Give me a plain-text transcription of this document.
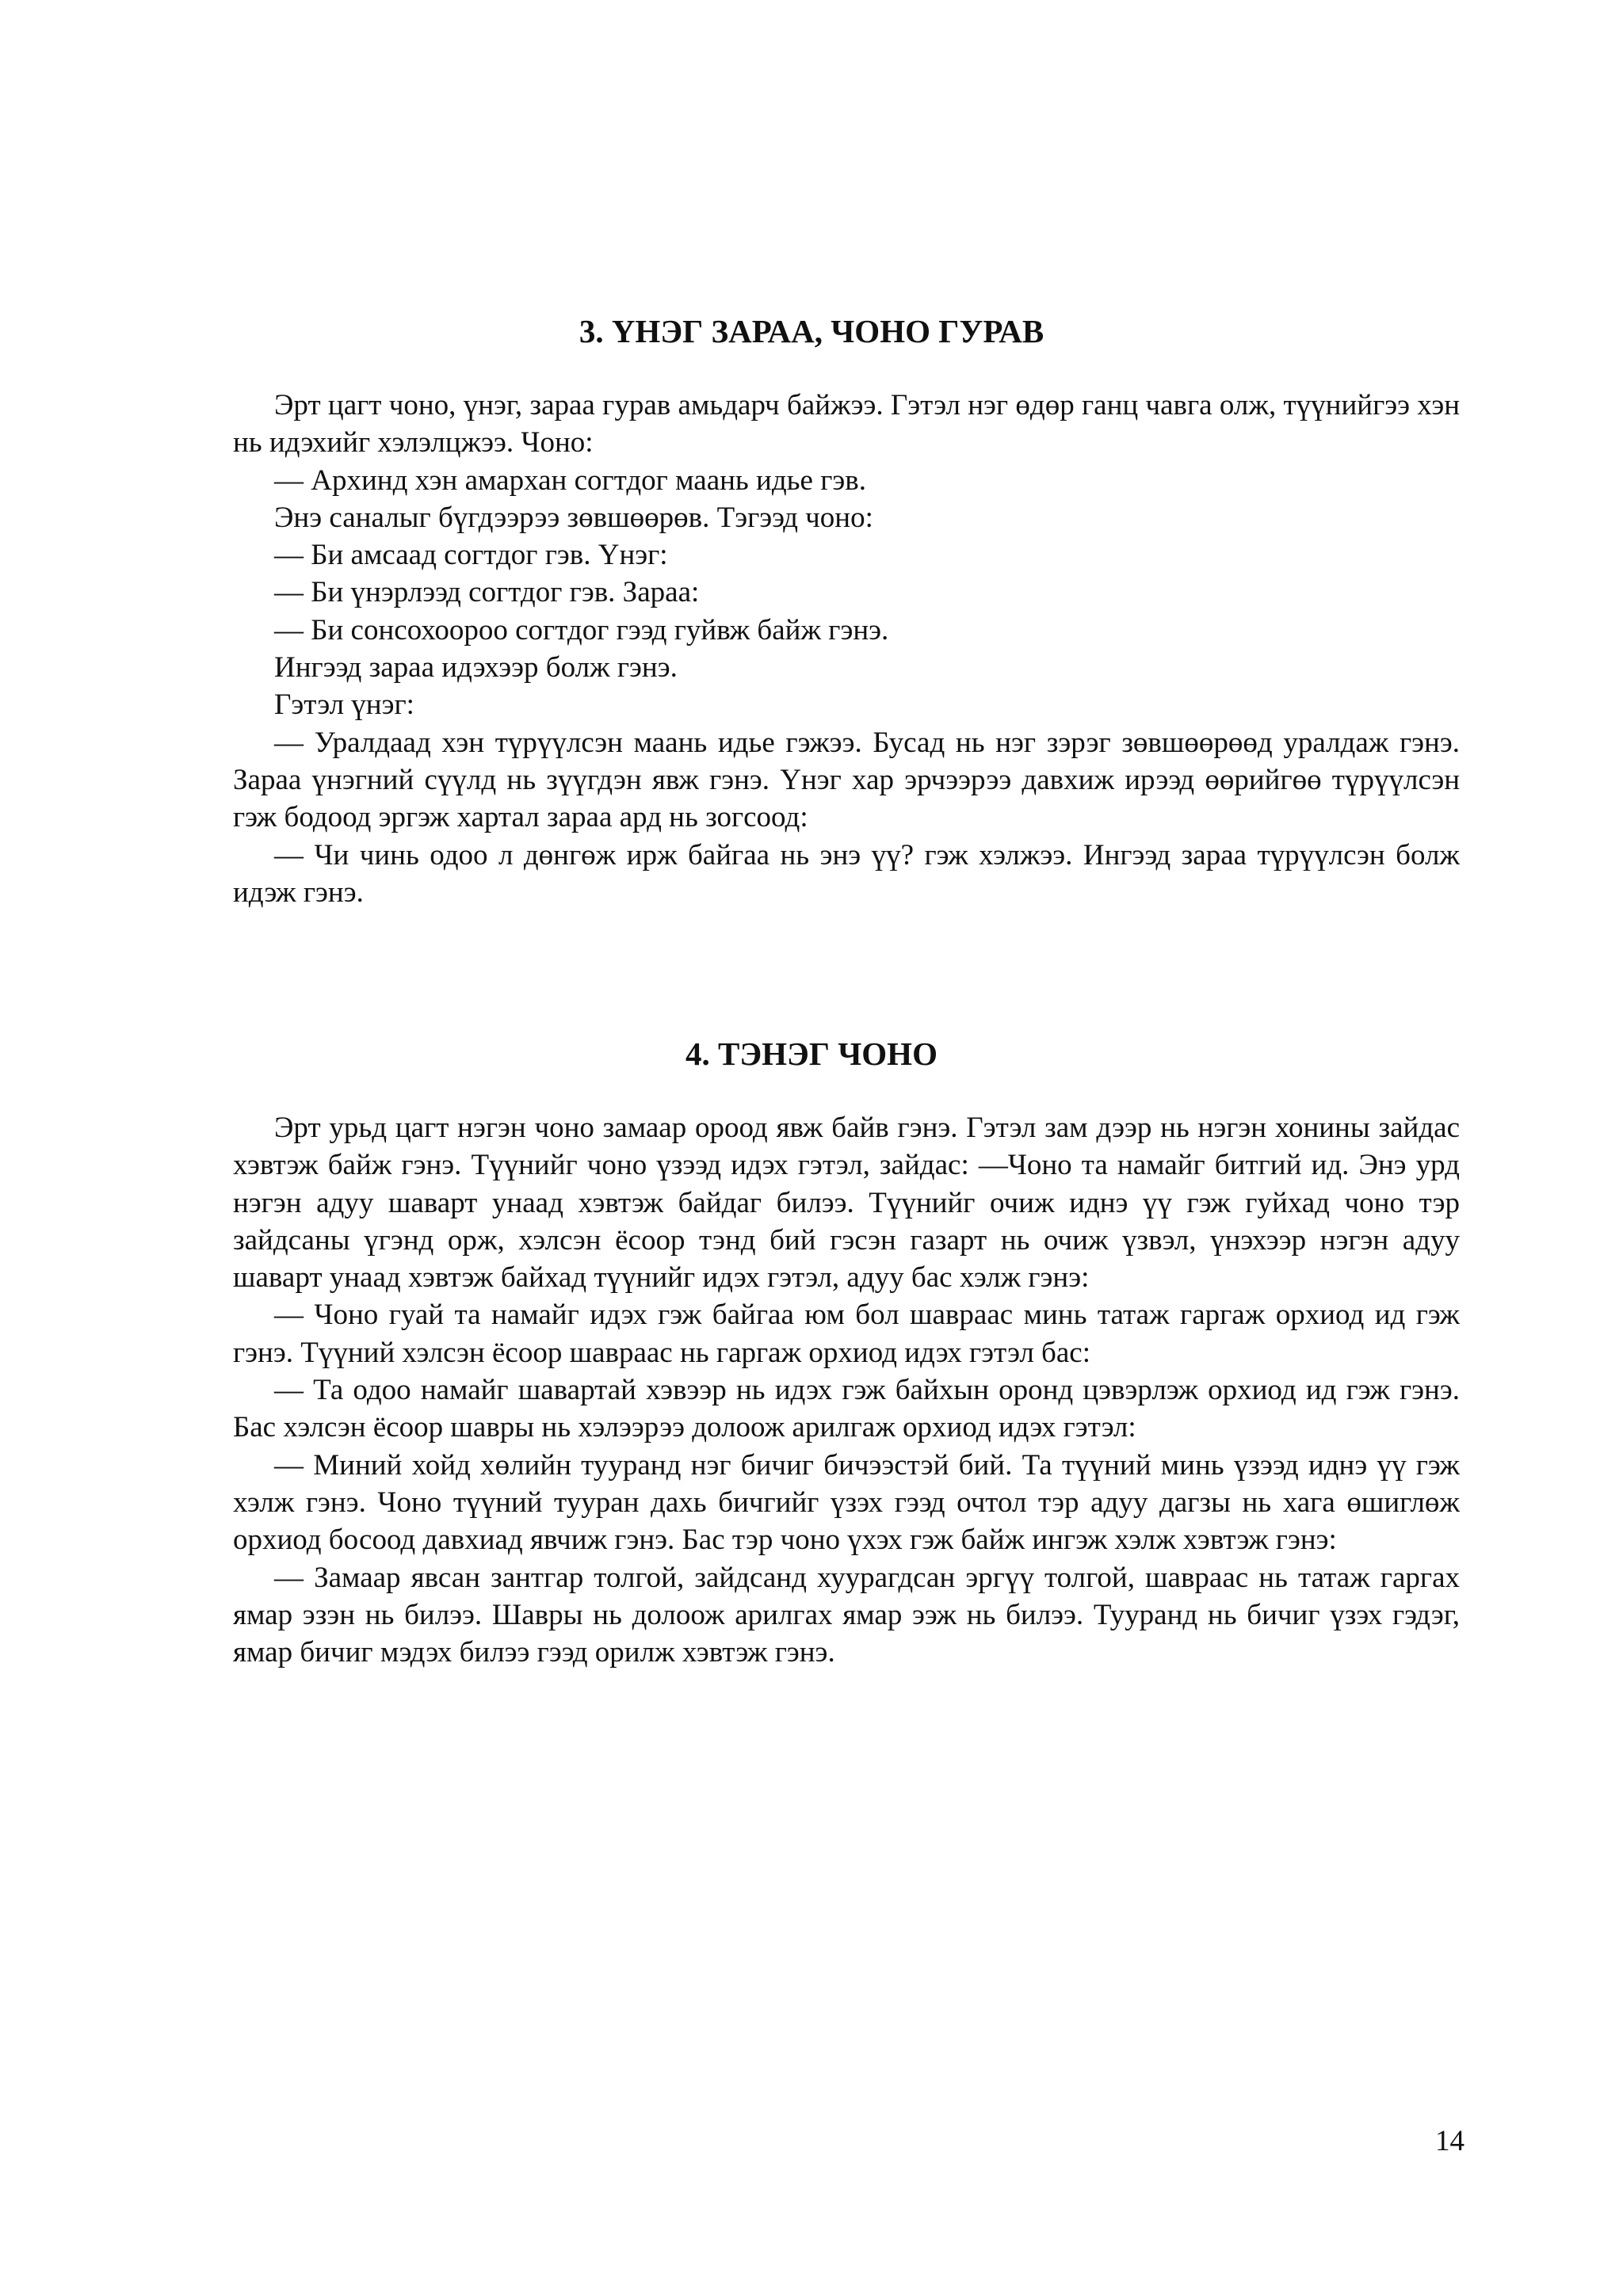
3. ҮНЭГ ЗАРАА, ЧОНО ГУРАВ

Эрт цагт чоно, үнэг, зараа гурав амьдарч байжээ. Гэтэл нэг өдөр ганц чавга олж, түүнийгээ хэн нь идэхийг хэлэлцжээ. Чоно:

— Архинд хэн амархан согтдог маань идье гэв.

Энэ саналыг бүгдээрээ зөвшөөрөв. Тэгээд чоно:

— Би амсаад согтдог гэв. Үнэг:

— Би үнэрлээд согтдог гэв. Зараа:

— Би сонсохоороо согтдог гээд гуйвж байж гэнэ.

Ингээд зараа идэхээр болж гэнэ.

Гэтэл үнэг:

— Уралдаад хэн түрүүлсэн маань идье гэжээ. Бусад нь нэг зэрэг зөвшөөрөөд уралдаж гэнэ. Зараа үнэгний сүүлд нь зүүгдэн явж гэнэ. Үнэг хар эрчээрээ давхиж ирээд өөрийгөө түрүүлсэн гэж бодоод эргэж хартал зараа ард нь зогсоод:

— Чи чинь одоо л дөнгөж ирж байгаа нь энэ үү? гэж хэлжээ. Ингээд зараа түрүүлсэн болж идэж гэнэ.

4. ТЭНЭГ ЧОНО

Эрт урьд цагт нэгэн чоно замаар ороод явж байв гэнэ. Гэтэл зам дээр нь нэгэн хонины зайдас хэвтэж байж гэнэ. Түүнийг чоно үзээд идэх гэтэл, зайдас: —Чоно та намайг битгий ид. Энэ урд нэгэн адуу шаварт унаад хэвтэж байдаг билээ. Түүнийг очиж иднэ үү гэж гуйхад чоно тэр зайдсаны үгэнд орж, хэлсэн ёсоор тэнд бий гэсэн газарт нь очиж үзвэл, үнэхээр нэгэн адуу шаварт унаад хэвтэж байхад түүнийг идэх гэтэл, адуу бас хэлж гэнэ:

— Чоно гуай та намайг идэх гэж байгаа юм бол шавраас минь татаж гаргаж орхиод ид гэж гэнэ. Түүний хэлсэн ёсоор шавраас нь гаргаж орхиод идэх гэтэл бас:

— Та одоо намайг шавартай хэвээр нь идэх гэж байхын оронд цэвэрлэж орхиод ид гэж гэнэ. Бас хэлсэн ёсоор шавры нь хэлээрээ долоож арилгаж орхиод идэх гэтэл:

— Миний хойд хөлийн тууранд нэг бичиг бичээстэй бий. Та түүний минь үзээд иднэ үү гэж хэлж гэнэ. Чоно түүний тууран дахь бичгийг үзэх гээд очтол тэр адуу дагзы нь хага өшиглөж орхиод босоод давхиад явчиж гэнэ. Бас тэр чоно үхэх гэж байж ингэж хэлж хэвтэж гэнэ:

— Замаар явсан зантгар толгой, зайдсанд хуурагдсан эргүү толгой, шавраас нь татаж гаргах ямар эзэн нь билээ. Шавры нь долоож арилгах ямар ээж нь билээ. Тууранд нь бичиг үзэх гэдэг, ямар бичиг мэдэх билээ гээд орилж хэвтэж гэнэ.

14
